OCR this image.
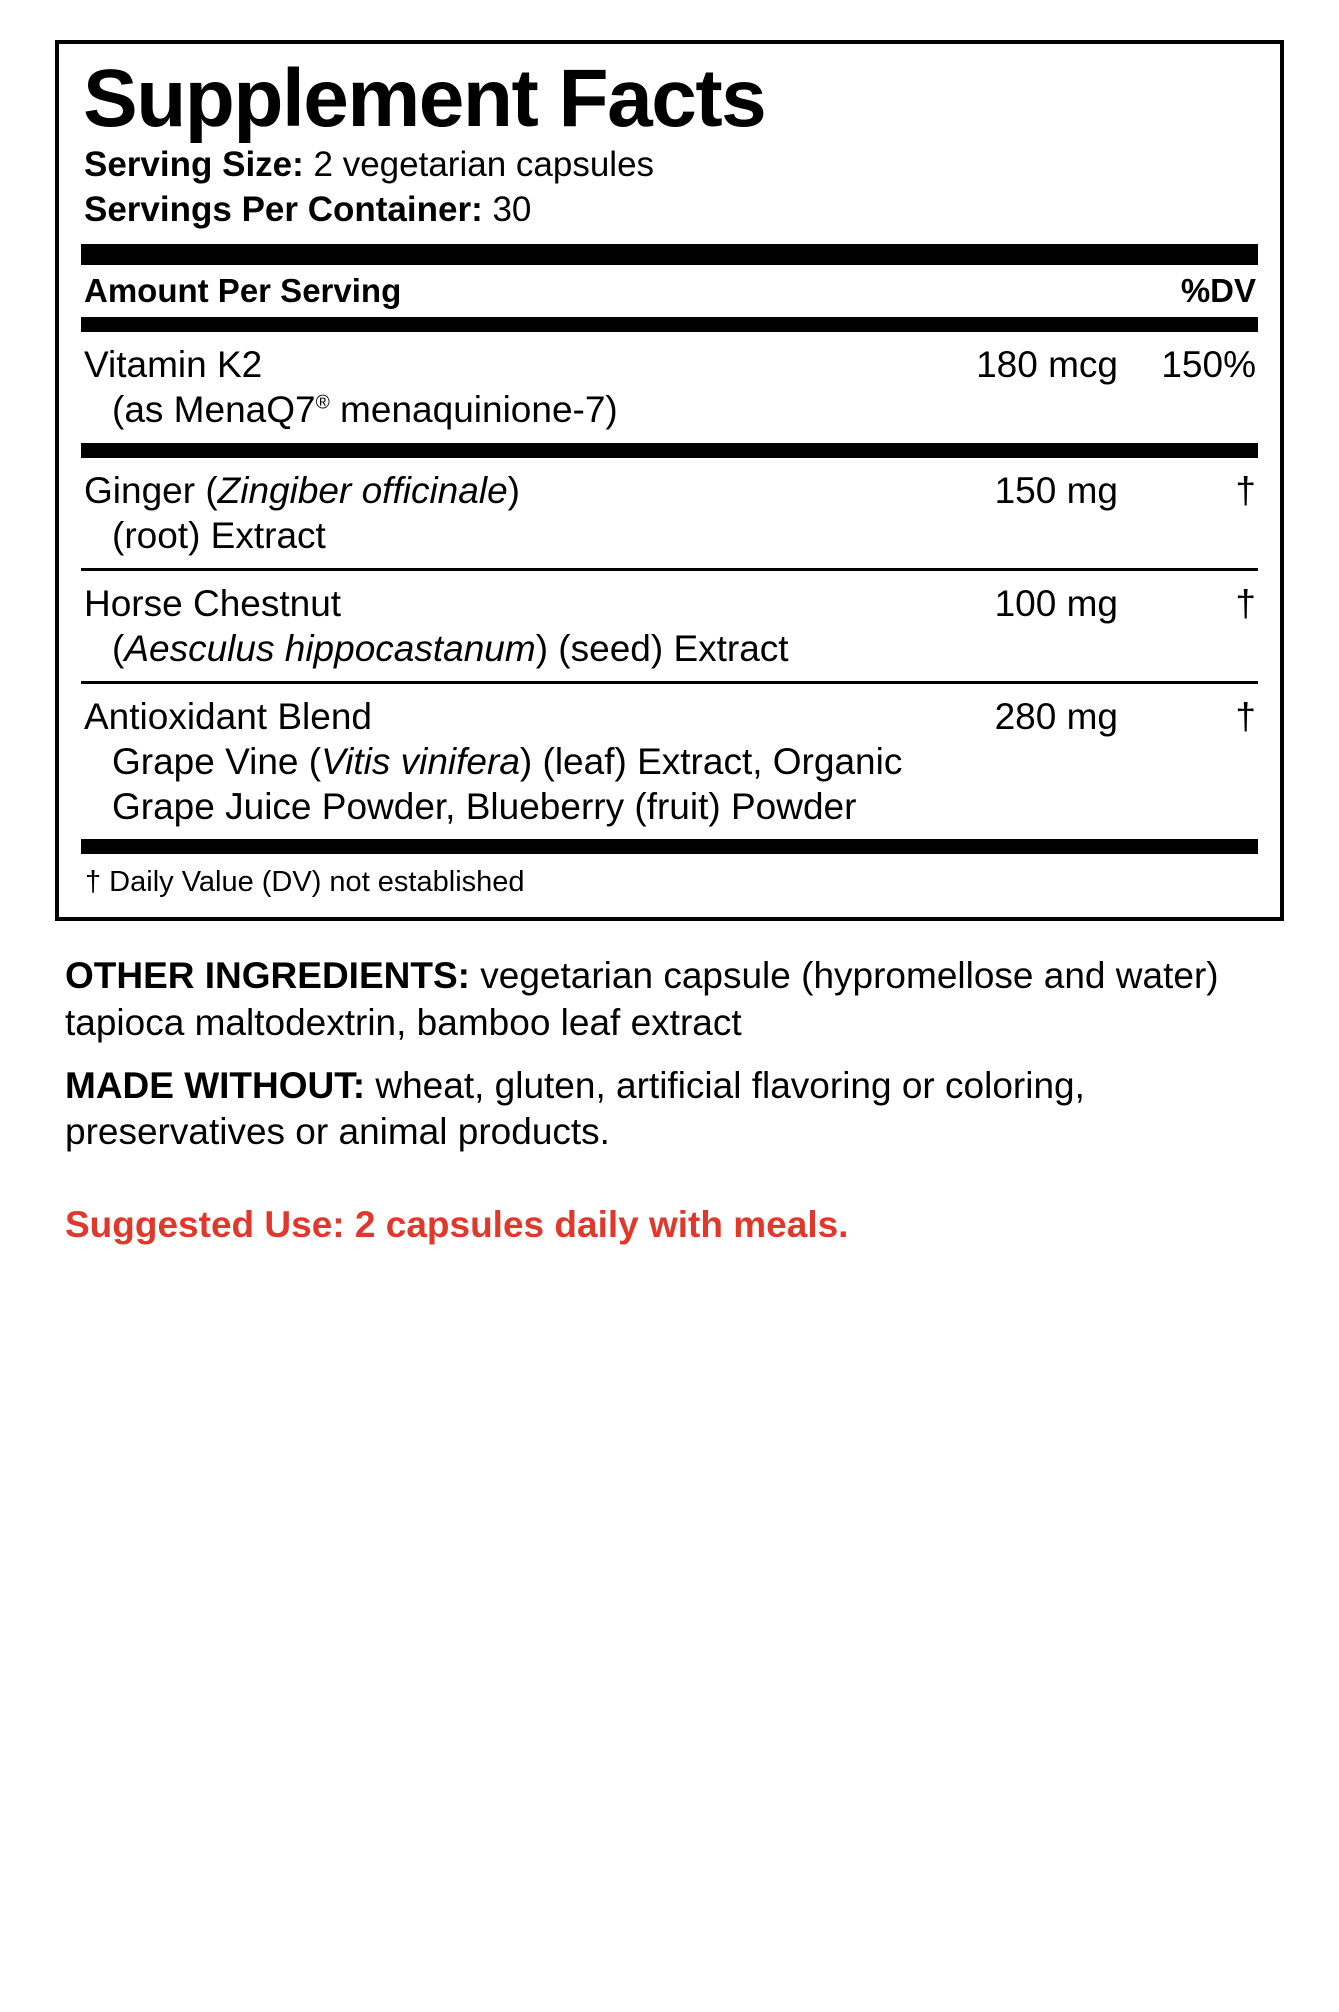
Supplement Facts
Serving Size: 2 vegetarian capsules
Servings Per Container: 30
Amount Per Serving	%DV
Vitamin K2	180 mcg	150%
(as MenaQ7® menaquinione-7)
Ginger (Zingiber officinale)	150 mg	†
(root) Extract
Horse Chestnut	100 mg	†
(Aesculus hippocastanum) (seed) Extract
Antioxidant Blend	280 mg	†
Grape Vine (Vitis vinifera) (leaf) Extract, Organic
Grape Juice Powder, Blueberry (fruit) Powder
† Daily Value (DV) not established
OTHER INGREDIENTS: vegetarian capsule (hypromellose and water) tapioca maltodextrin, bamboo leaf extract
MADE WITHOUT: wheat, gluten, artificial flavoring or coloring, preservatives or animal products.
Suggested Use: 2 capsules daily with meals.
